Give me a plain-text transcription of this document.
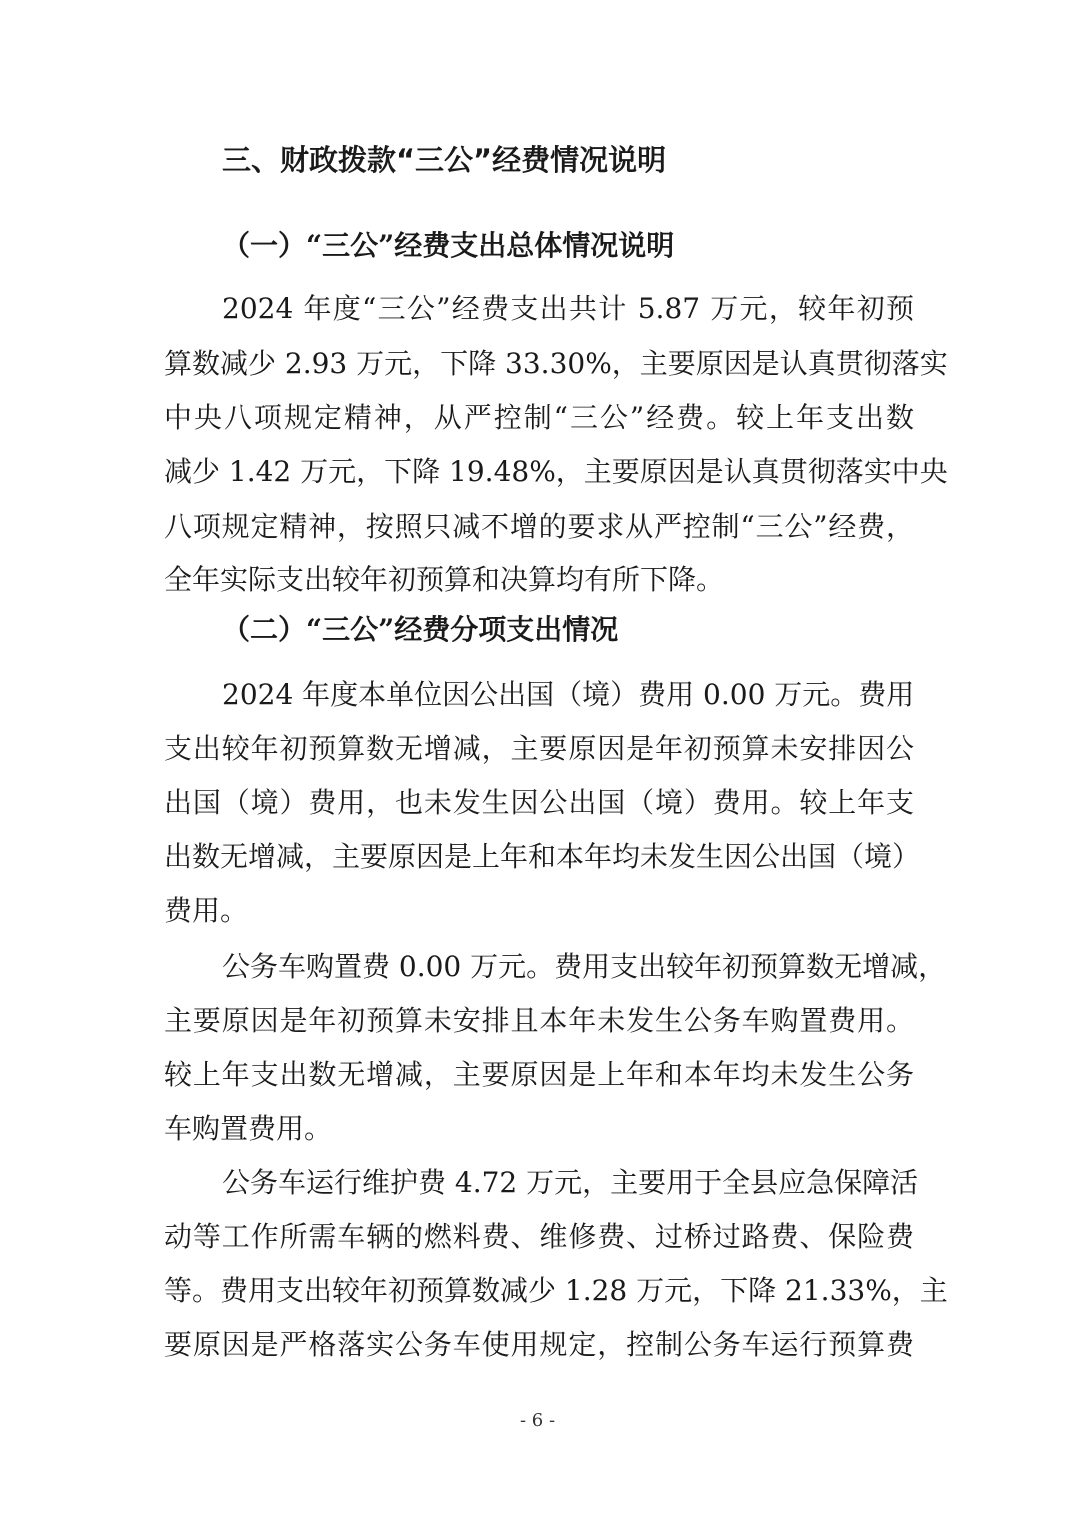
三、财政拨款“三公”经费情况说明
（一）“三公”经费支出总体情况说明

2024 年度“三公”经费支出共计 5.87 万元，较年初预

算数减少 2.93 万元，下降 33.30%，主要原因是认真贯彻落实

中央八项规定精神，从严控制“三公”经费。较上年支出数

减少 1.42 万元，下降 19.48%，主要原因是认真贯彻落实中央

八项规定精神，按照只减不增的要求从严控制“三公”经费，

全年实际支出较年初预算和决算均有所下降。

（二）“三公”经费分项支出情况

2024 年度本单位因公出国（境）费用 0.00 万元。费用

支出较年初预算数无增减，主要原因是年初预算未安排因公

出国（境）费用，也未发生因公出国（境）费用。较上年支

出数无增减，主要原因是上年和本年均未发生因公出国（境）

费用。

公务车购置费 0.00 万元。费用支出较年初预算数无增减，

主要原因是年初预算未安排且本年未发生公务车购置费用。

较上年支出数无增减，主要原因是上年和本年均未发生公务

车购置费用。

公务车运行维护费 4.72 万元，主要用于全县应急保障活

动等工作所需车辆的燃料费、维修费、过桥过路费、保险费

等。费用支出较年初预算数减少 1.28 万元，下降 21.33%，主

要原因是严格落实公务车使用规定，控制公务车运行预算费

- 6 -
